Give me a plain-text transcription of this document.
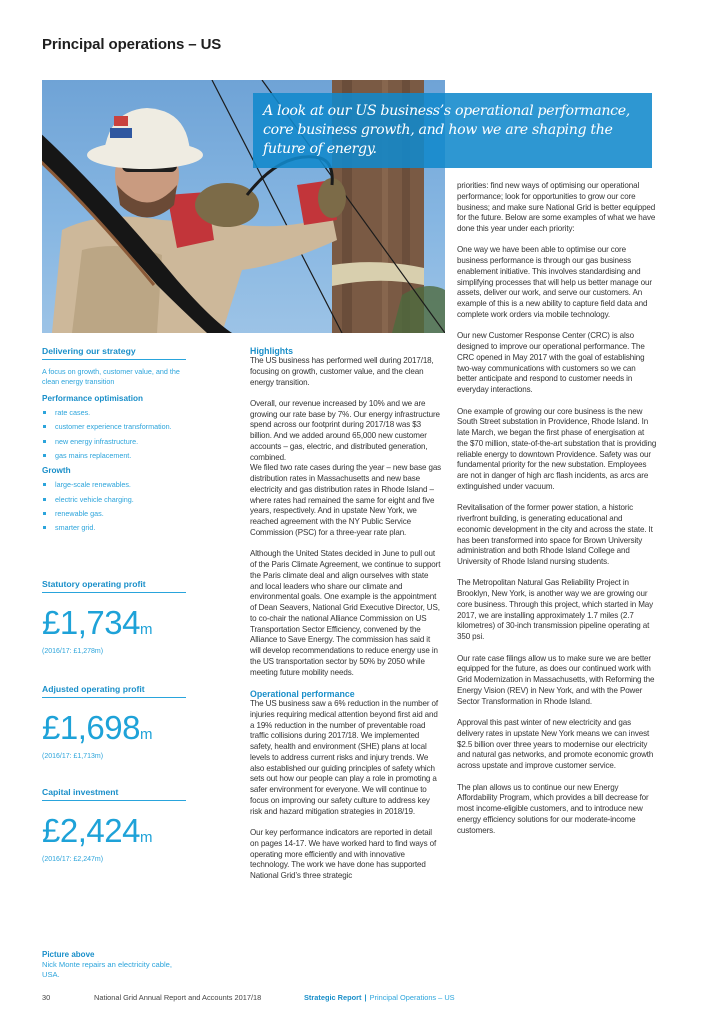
Principal operations – US
A look at our US business’s operational performance, core business growth, and how we are shaping the future of energy.
Delivering our strategy
A focus on growth, customer value, and the clean energy transition
Performance optimisation
rate cases.
customer experience transformation.
new energy infrastructure.
gas mains replacement.
Growth
large-scale renewables.
electric vehicle charging.
renewable gas.
smarter grid.
Statutory operating profit
£1,734m
(2016/17: £1,278m)
Adjusted operating profit
£1,698m
(2016/17: £1,713m)
Capital investment
£2,424m
(2016/17: £2,247m)
Picture above
Nick Monte repairs an electricity cable, USA.
Highlights

The US business has performed well during 2017/18, focusing on growth, customer value, and the clean energy transition.

Overall, our revenue increased by 10% and we are growing our rate base by 7%. Our energy infrastructure spend across our footprint during 2017/18 was $3 billion. And we added around 65,000 new customer accounts – gas, electric, and distributed generation, combined.

We filed two rate cases during the year – new base gas distribution rates in Massachusetts and new base electricity and gas distribution rates in Rhode Island – where rates had remained the same for eight and five years, respectively. And in upstate New York, we reached agreement with the NY Public Service Commission (PSC) for a three-year rate plan.

Although the United States decided in June to pull out of the Paris Climate Agreement, we continue to support the Paris climate deal and align ourselves with state and local leaders who share our climate and environmental goals. One example is the appointment of Dean Seavers, National Grid Executive Director, US, to co-chair the national Alliance Commission on US Transportation Sector Efficiency, convened by the Alliance to Save Energy. The commission has said it will develop recommendations to reduce energy use in the US transportation sector by 50% by 2050 while meeting future mobility needs.

Operational performance

The US business saw a 6% reduction in the number of injuries requiring medical attention beyond first aid and a 19% reduction in the number of preventable road traffic collisions during 2017/18. We implemented safety, health and environment (SHE) plans at local levels to address current risks and injury trends. We also established our guiding principles of safety which sets out how our people can play a role in promoting a safer environment for everyone. We will continue to focus on improving our safety culture to address key risk and hazard mitigation strategies in 2018/19.

Our key performance indicators are reported in detail on pages 14-17. We have worked hard to find ways of operating more efficiently and with innovative technology. The work we have done has supported National Grid’s three strategic

priorities: find new ways of optimising our operational performance; look for opportunities to grow our core business; and make sure National Grid is better equipped for the future. Below are some examples of what we have done this year under each priority:

One way we have been able to optimise our core business performance is through our gas business enablement initiative. This involves standardising and simplifying processes that will help us better manage our assets, deliver our work, and serve our customers. An example of this is a new ability to capture field data and complete work orders via mobile technology.

Our new Customer Response Center (CRC) is also designed to improve our operational performance. The CRC opened in May 2017 with the goal of establishing two-way communications with customers so we can better anticipate and respond to customer needs in everyday interactions.

One example of growing our core business is the new South Street substation in Providence, Rhode Island. In late March, we began the first phase of energisation at the $70 million, state-of-the-art substation that is providing reliable energy to downtown Providence. Safety was our fundamental priority for the new substation. Employees are not in danger of high arc flash incidents, as arcs are extinguished under vacuum.

Revitalisation of the former power station, a historic riverfront building, is generating educational and economic development in the city and across the state. It has been transformed into space for Brown University administration and both Rhode Island College and University of Rhode Island nursing students.

The Metropolitan Natural Gas Reliability Project in Brooklyn, New York, is another way we are growing our core business. Through this project, which started in May 2017, we are installing approximately 1.7 miles (2.7 kilometres) of 30-inch transmission pipeline operating at 350 psi.

Our rate case filings allow us to make sure we are better equipped for the future, as does our continued work with Grid Modernization in Massachusetts, with Reforming the Energy Vision (REV) in New York, and with the Power Sector Transformation in Rhode Island.

Approval this past winter of new electricity and gas delivery rates in upstate New York means we can invest $2.5 billion over three years to modernise our electricity and natural gas networks, and promote economic growth across upstate and improve customer service.

The plan allows us to continue our new Energy Affordability Program, which provides a bill decrease for most income-eligible customers, and to introduce new energy efficiency solutions for our moderate-income customers.

30	National Grid Annual Report and Accounts 2017/18	Strategic Report | Principal Operations – US
